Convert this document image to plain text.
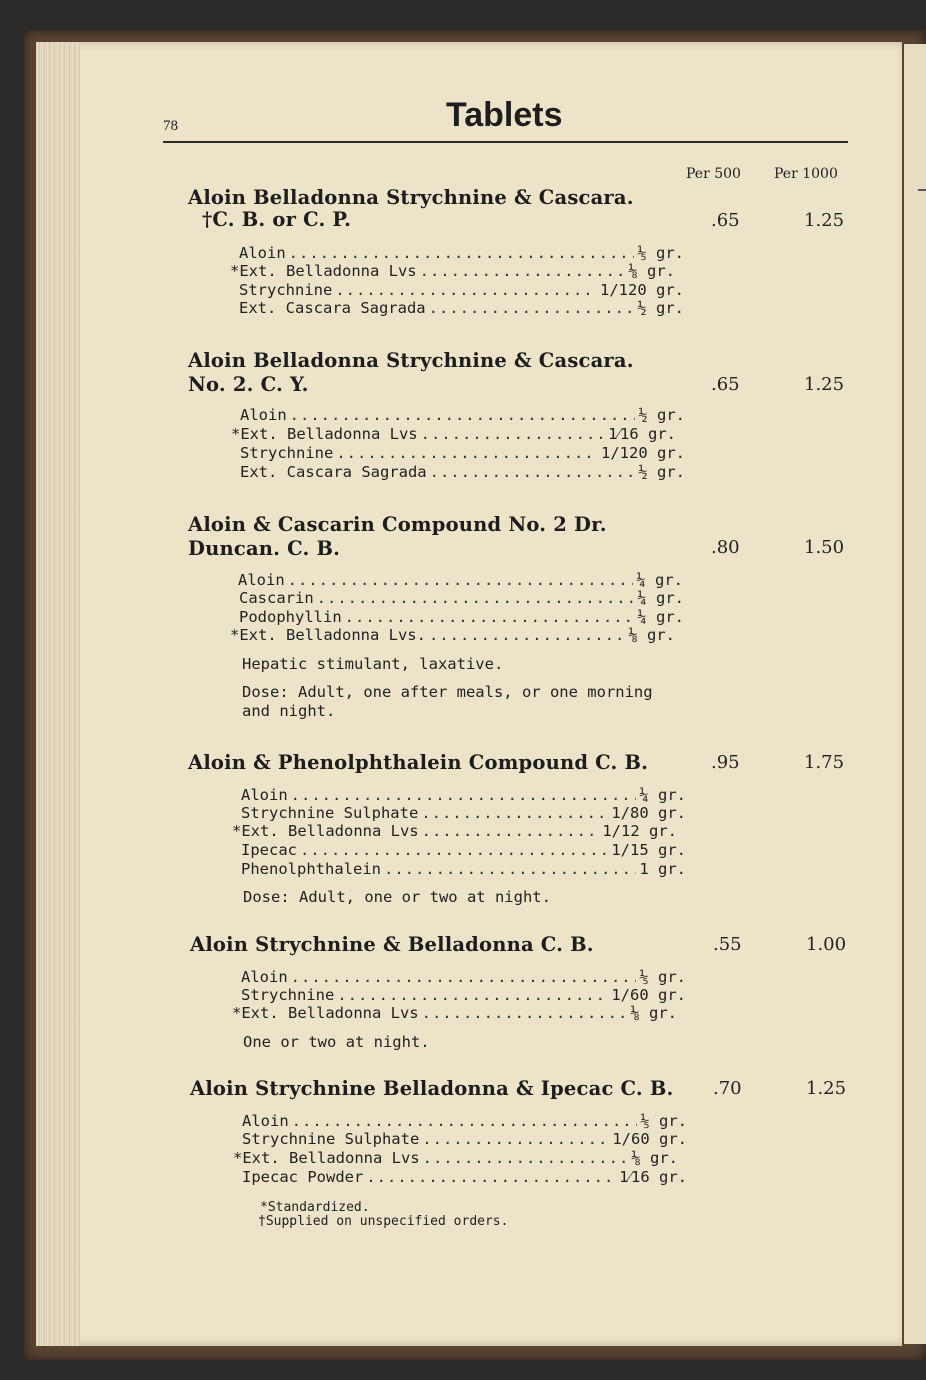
78	Tablets
Per 500 Per 1000
Aloin Belladonna Strychnine & Cascara.
†C. B. or C. P.	.65	1.25
Aloin .....	⅕ gr.
*Ext. Belladonna Lvs .....	⅛ gr.
Strychnine .....	1/120 gr.
Ext. Cascara Sagrada .....	½ gr.
Aloin Belladonna Strychnine & Cascara.
No. 2. C. Y.	.65	1.25
Aloin .....	½ gr.
*Ext. Belladonna Lvs .....	1⁄16 gr.
Strychnine .....	1/120 gr.
Ext. Cascara Sagrada .....	½ gr.
Aloin & Cascarin Compound No. 2 Dr.
Duncan. C. B.	.80	1.50
Aloin .....	¼ gr.
Cascarin .....	¼ gr.
Podophyllin .....	¼ gr.
*Ext. Belladonna Lvs. .....	⅛ gr.
Hepatic stimulant, laxative.
Dose: Adult, one after meals, or one morning and night.
Aloin & Phenolphthalein Compound C. B.	.95	1.75
Aloin .....	¼ gr.
Strychnine Sulphate .....	1/80 gr.
*Ext. Belladonna Lvs .....	1/12 gr.
Ipecac .....	1/15 gr.
Phenolphthalein .....	1 gr.
Dose: Adult, one or two at night.
Aloin Strychnine & Belladonna C. B.	.55	1.00
Aloin .....	⅕ gr.
Strychnine .....	1/60 gr.
*Ext. Belladonna Lvs .....	⅛ gr.
One or two at night.
Aloin Strychnine Belladonna & Ipecac C. B. .70	1.25
Aloin .....	⅕ gr.
Strychnine Sulphate .....	1/60 gr.
*Ext. Belladonna Lvs .....	⅛ gr.
Ipecac Powder .....	1⁄16 gr.
*Standardized.
†Supplied on unspecified orders.
